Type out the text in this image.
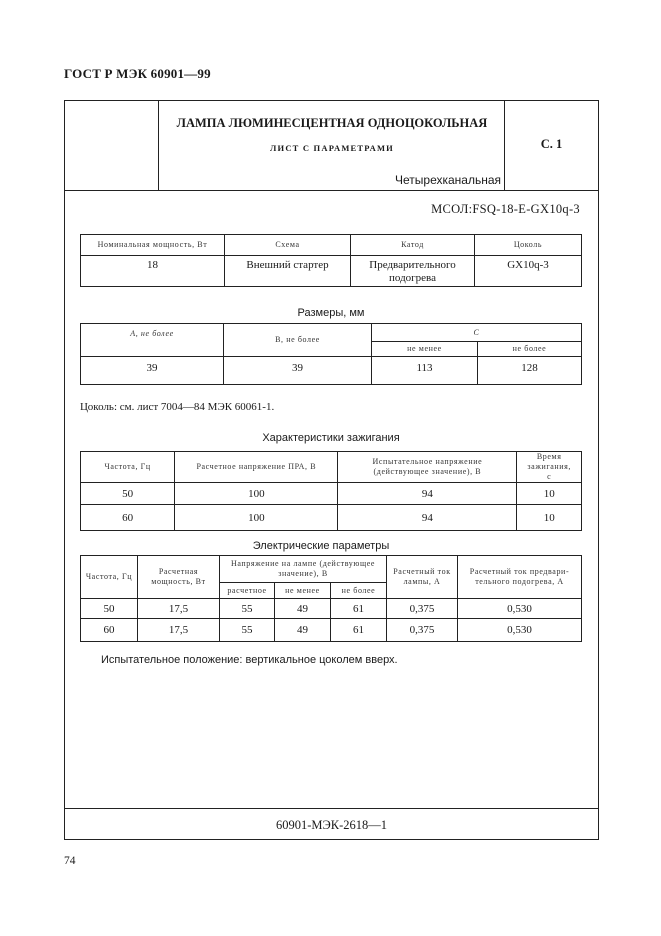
ГОСТ Р МЭК 60901—99
ЛАМПА ЛЮМИНЕСЦЕНТНАЯ ОДНОЦОКОЛЬНАЯ
ЛИСТ С ПАРАМЕТРАМИ	С. 1
Четырехканальная
МСОЛ:FSQ-18-E-GX10q-3
Номинальная мощность, Вт	Схема	Катод	Цоколь
18	Внешний стартер	Предварительного подогрева	GX10q-3
Размеры, мм
А, не более	В, не более	С	
		не менее	не более
39	39	113	128
Цоколь: см. лист 7004—84 МЭК 60061-1.
Характеристики зажигания
Частота, Гц	Расчетное напряжение ПРА, В	Испытательное напряжение (действующее значение), В	Время зажигания, с
50	100	94	10
60	100	94	10
Электрические параметры
Частота, Гц	Расчетная мощность, Вт	Напряжение на лампе (действующее значение), В			Расчетный ток лампы, А	Расчетный ток предвари-тельного подогрева, А
		расчетное	не менее	не более		
50	17,5	55	49	61	0,375	0,530
60	17,5	55	49	61	0,375	0,530
Испытательное положение: вертикальное цоколем вверх.
60901-МЭК-2618—1
74
